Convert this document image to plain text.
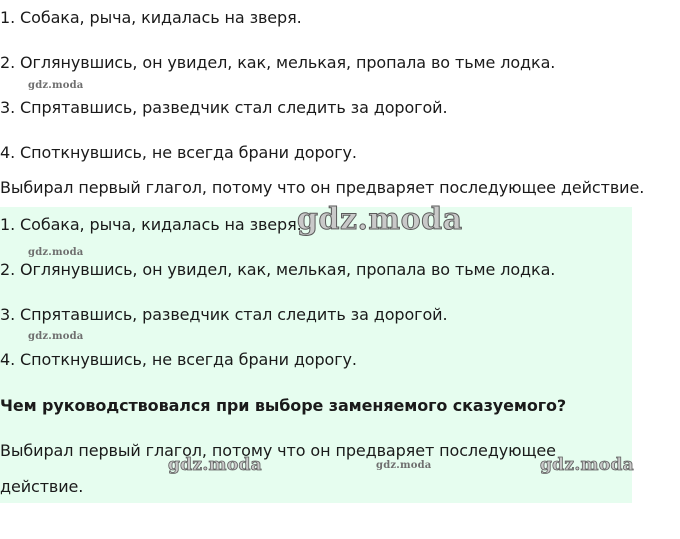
1. Собака, рыча, кидалась на зверя.
2. Оглянувшись, он увидел, как, мелькая, пропала во тьме лодка.
gdz.moda
3. Спрятавшись, разведчик стал следить за дорогой.
4. Споткнувшись, не всегда брани дорогу.
Выбирал первый глагол, потому что он предваряет последующее действие.
1. Собака, рыча, кидалась на зверя.
gdz.moda
gdz.moda
2. Оглянувшись, он увидел, как, мелькая, пропала во тьме лодка.
3. Спрятавшись, разведчик стал следить за дорогой.
gdz.moda
4. Споткнувшись, не всегда брани дорогу.
Чем руководствовался при выборе заменяемого сказуемого?
Выбирал первый глагол, потому что он предваряет последующее
gdz.moda	gdz.moda	gdz.moda
действие.
